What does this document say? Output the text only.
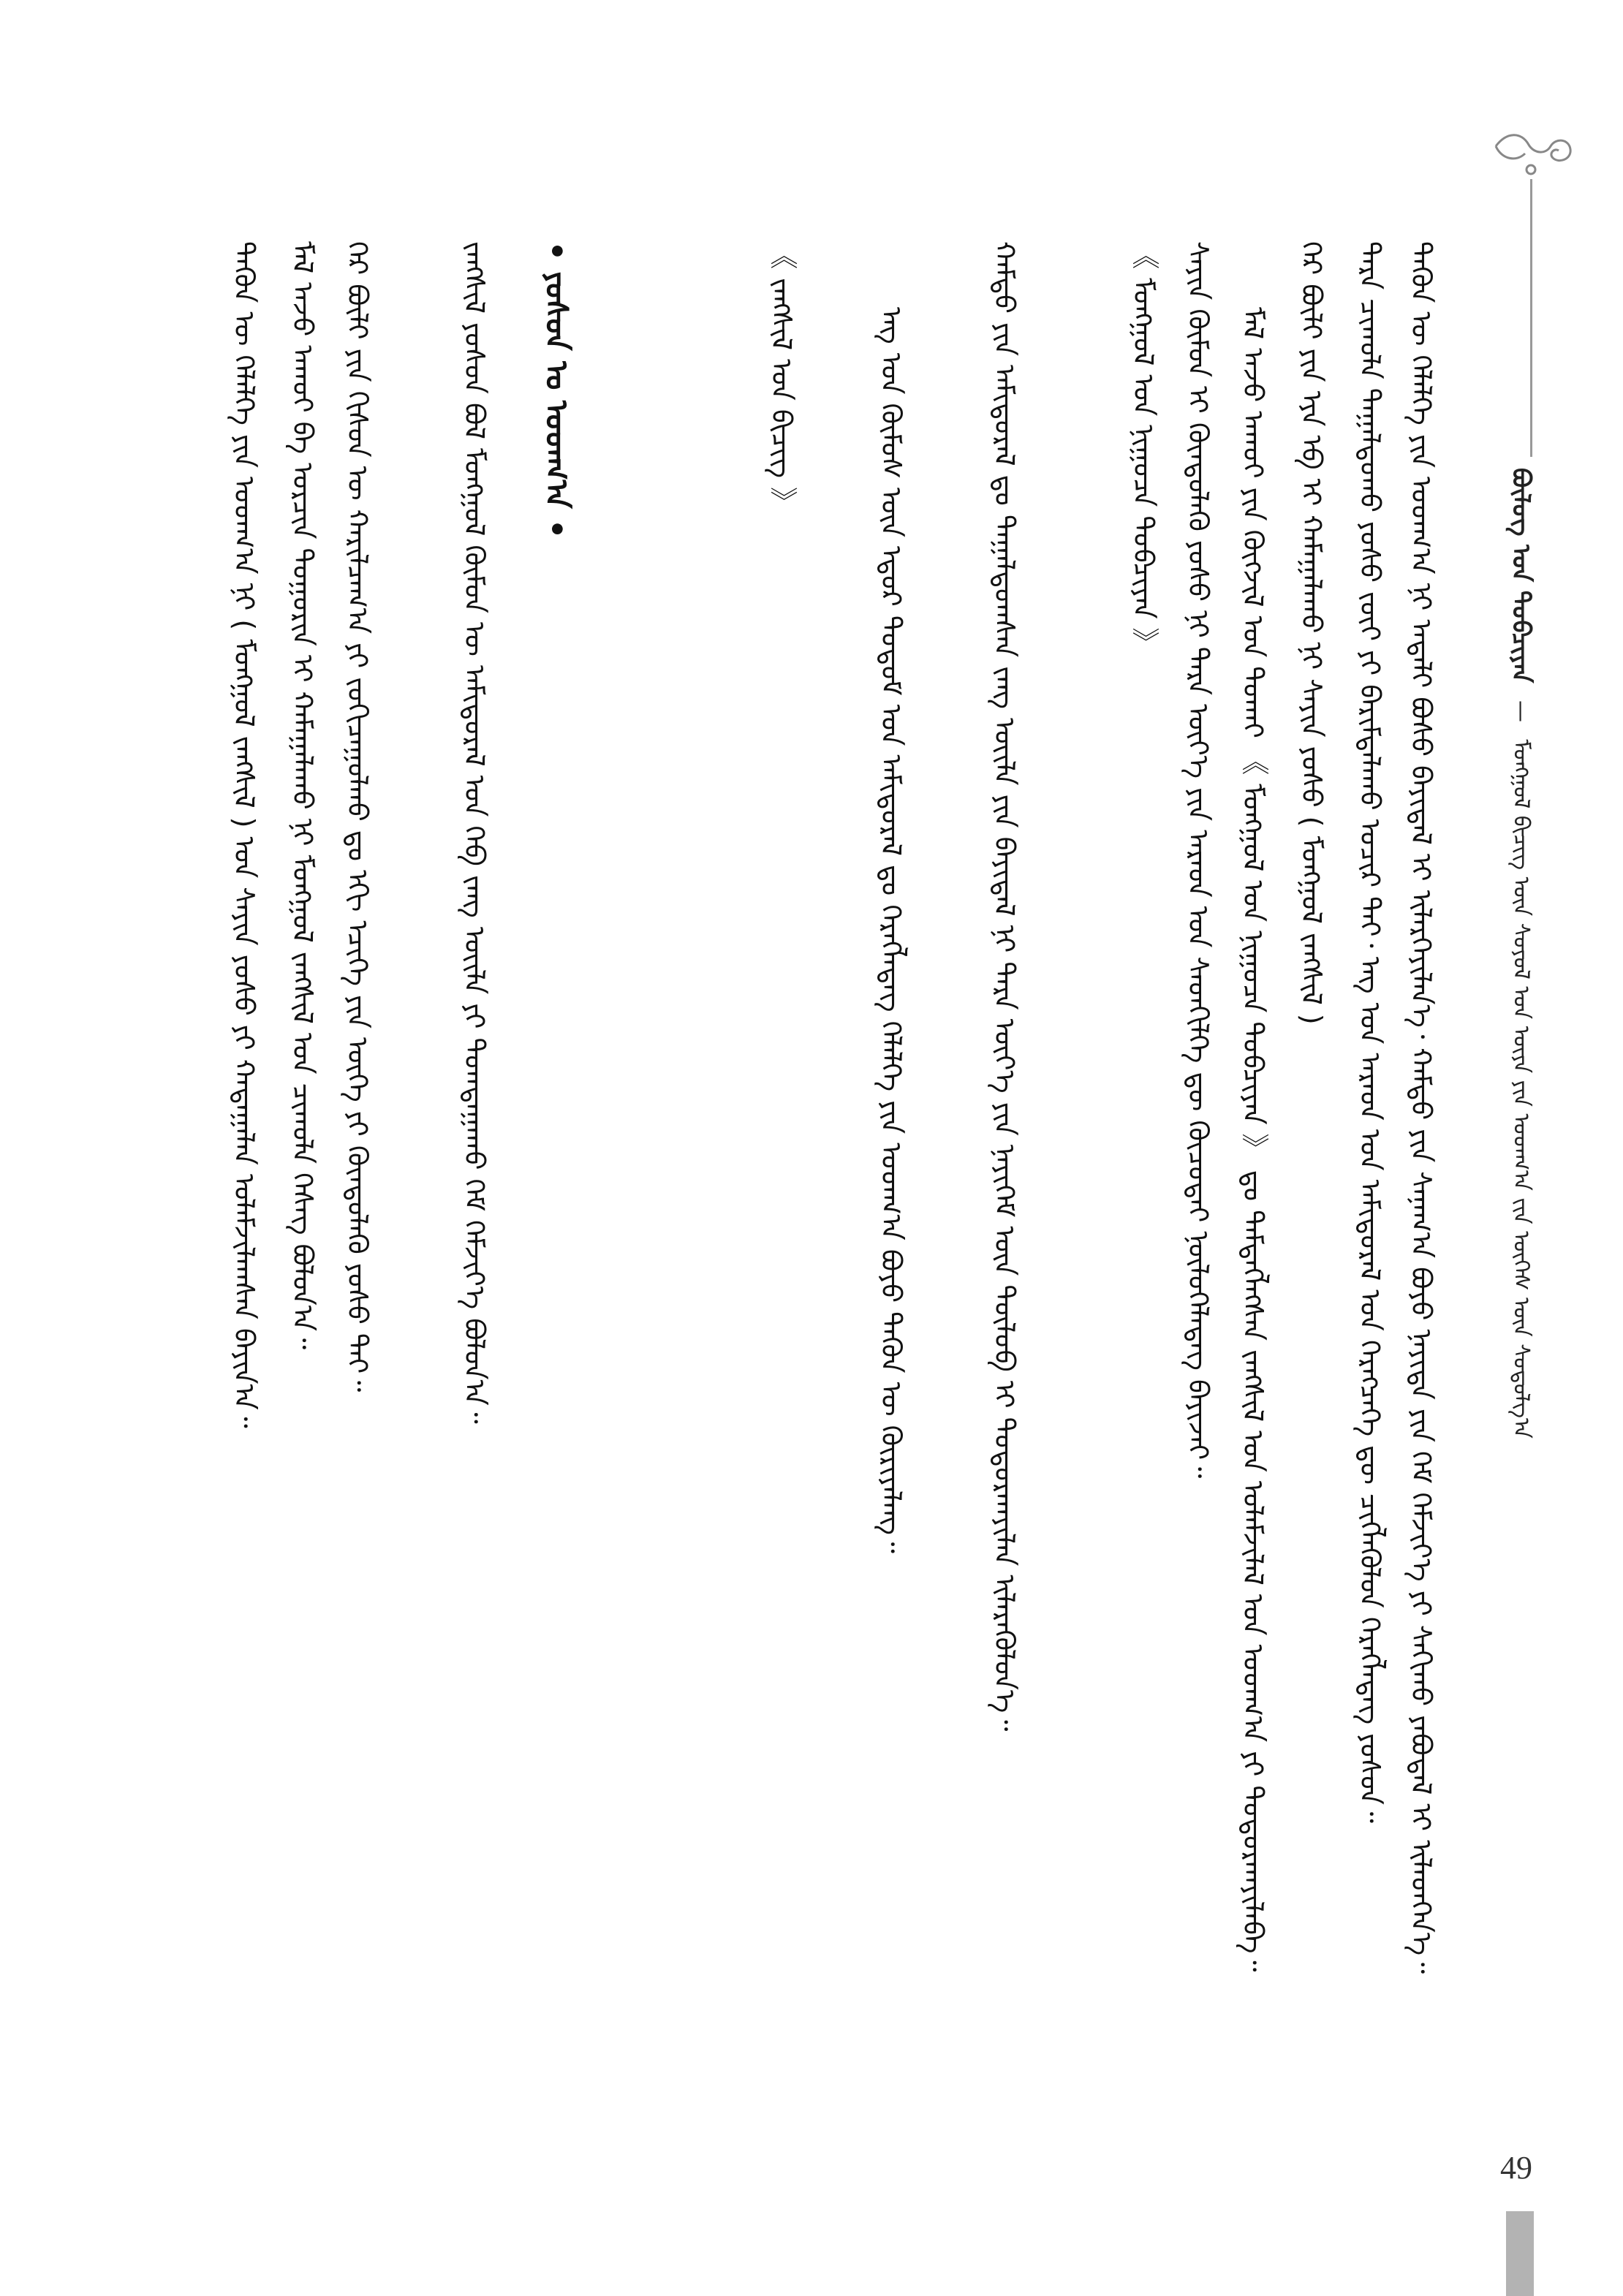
ᠪᠦᠯᠦᠭ ᠤᠨ ᠲᠣᠪᠴᠢᠶᠠᠨ — ᠮᠣᠩᠭᠣᠯ ᠪᠢᠴᠢᠭ ᠦᠨ ᠰᠣᠶᠣᠯ ᠤᠨ ᠦᠶᠡ ᠶᠢᠨ ᠤᠳᠬ᠎ᠠ ᠵᠢᠨ ᠦᠭᠡᠰ ᠦᠨ ᠰᠤᠳᠤᠯᠭ᠎ᠠ
ᠲᠡᠭᠦᠨ ᠦ ᠬᠡᠯᠡᠯᠭᠡ ᠶᠢᠨ ᠤᠳᠬ᠎ᠠ ᠨᠢ ᠠᠳᠠᠯᠢ ᠪᠤᠰᠤ ᠪᠠᠶᠢᠳᠠᠯ ᠢ ᠢᠯᠡᠷᠬᠡᠶᠢᠯᠡᠨ᠎ᠡ᠂ ᠬᠠᠮᠲᠤ ᠶᠢᠨ ᠰᠠᠨᠠᠭ᠎ᠠ ᠪᠤᠶᠤ ᠨᠡᠶᠢᠲᠡ ᠶᠢᠨ ᠬᠡᠮ ᠬᠡᠮᠵᠢᠶ᠎ᠡ ᠶᠢ ᠰᠠᠬᠢᠬᠤ ᠶᠠᠪᠤᠳᠠᠯ ᠢ ᠢᠯᠡᠳᠬᠡᠨ᠎ᠡ᠃
ᠲᠡᠷᠡ ᠴᠢᠬᠤᠯᠠ ᠳᠠᠭᠠᠯᠳᠤᠬᠤ ᠶᠣᠰᠤ ᠵᠦᠢ ᠶᠢ ᠪᠠᠷᠢᠮᠲᠠᠯᠠᠬᠤ ᠤᠴᠢᠷ ᠲᠠᠢ᠂ ᠡᠩ ᠤᠨ ᠠᠷᠠᠳ ᠤᠨ ᠠᠮᠢᠳᠤᠷᠠᠯ ᠤᠨ ᠬᠡᠷᠡᠭᠴᠡᠭᠡ ᠳᠦ ᠴᠢᠭᠯᠡᠭᠦᠯᠦᠨ ᠬᠡᠷᠡᠭᠯᠡᠳᠡᠭ ᠶᠣᠰᠣᠨ᠃
ᠭᠡᠷ ᠪᠦᠯᠢ ᠶᠢᠨ ᠡᠶᠡ ᠡᠪ ᠢ ᠬᠠᠮᠠᠭᠠᠯᠠᠬᠤ ᠨᠢ ᠰᠠᠶᠢᠨ ᠶᠣᠰᠣ ( ᠮᠣᠩᠭᠣᠯ ᠵᠠᠩᠰᠢᠯ )
ᠮᠠᠯ ᠠᠵᠤ ᠠᠬᠤᠢ ᠶᠢᠨ ᠬᠥᠭᠵᠢᠯ ᠤᠨ ᠲᠤᠬᠠᠢ 《 ᠮᠣᠩᠭᠣᠯ ᠤᠨ ᠨᠢᠭᠤᠴᠠ ᠲᠣᠪᠴᠢᠶᠠᠨ 》 ᠳᠤ ᠲᠡᠮᠳᠡᠭᠯᠡᠭᠰᠡᠨ ᠵᠠᠩᠰᠢᠯ ᠤᠨ ᠤᠯᠠᠮᠵᠢᠯᠠᠯ ᠤᠨ ᠤᠳᠬ᠎ᠠ ᠶᠢ ᠲᠣᠳᠤᠷᠬᠠᠶᠢᠯᠠᠪᠠ᠃
ᠰᠠᠶᠢᠨ ᠬᠦᠮᠦᠨ ᠢ ᠬᠦᠨᠳᠦᠯᠡᠬᠦ ᠶᠣᠰᠣ ᠨᠢ ᠲᠡᠷᠡ ᠦᠶ᠎ᠡ ᠶᠢᠨ ᠠᠷᠠᠳ ᠤᠨ ᠰᠡᠳᠬᠢᠯᠭᠡ ᠳᠦ ᠬᠦᠴᠦᠲᠡᠢ ᠨᠥᠯᠦᠭᠡᠯᠡᠳᠡᠭ ᠪᠠᠶᠢᠵᠠᠢ᠃
《 ᠮᠣᠩᠭᠣᠯ ᠤᠨ ᠨᠢᠭᠤᠴᠠ ᠲᠣᠪᠴᠢᠶᠠᠨ 》
ᠬᠠᠮᠲᠤ ᠶᠢᠨ ᠠᠮᠢᠳᠤᠷᠠᠯ ᠳᠤ ᠳᠠᠭᠠᠯᠳᠤᠭᠰᠠᠨ ᠵᠠᠩ ᠦᠢᠯᠡ ᠶᠢᠨ ᠪᠠᠶᠢᠳᠠᠯ ᠨᠢ ᠲᠡᠷᠡ ᠦᠶ᠎ᠡ ᠶᠢᠨ ᠨᠡᠶᠢᠭᠡᠮ ᠦᠨ ᠲᠥᠯᠥᠪ ᠢ ᠲᠣᠳᠤᠷᠬᠠᠶᠢᠯᠠᠨ ᠢᠯᠡᠷᠡᠭᠦᠯᠦᠨ᠎ᠡ᠃
ᠡᠩ ᠤᠨ ᠬᠦᠮᠦᠰ ᠦᠨ ᠡᠳᠦᠷ ᠲᠤᠲᠤᠮ ᠤᠨ ᠠᠮᠢᠳᠤᠷᠠᠯ ᠳᠤ ᠬᠡᠷᠡᠭᠯᠡᠳᠡᠭ ᠬᠡᠯᠡᠯᠭᠡ ᠶᠢᠨ ᠤᠳᠬ᠎ᠠ ᠪᠤᠶᠤ ᠲᠡᠭᠦᠨ ᠦ ᠬᠦᠷᠢᠶᠡᠯᠡᠩ᠃
《 ᠵᠠᠩᠰᠢᠯ ᠤᠨ ᠪᠢᠴᠢᠭ 》
• ᠶᠣᠰᠣᠨ ᠤ ᠤᠳᠬ᠎ᠠ •
ᠵᠠᠩᠰᠢᠯ ᠶᠣᠰᠣᠨ ᠪᠣᠯ ᠮᠣᠩᠭᠣᠯ ᠬᠦᠮᠦᠨ ᠦ ᠠᠮᠢᠳᠤᠷᠠᠯ ᠤᠨ ᠬᠡᠪ ᠵᠠᠩ ᠦᠢᠯᠡ ᠶᠢ ᠲᠣᠭᠲᠠᠭᠠᠬᠤ ᠬᠡᠮ ᠬᠡᠮᠵᠢᠶ᠎ᠡ ᠪᠣᠯᠤᠨ᠎ᠠ᠃
ᠭᠡᠷ ᠪᠦᠯᠢ ᠶᠢᠨ ᠭᠢᠰᠦᠨ ᠦ ᠬᠠᠷᠢᠯᠴᠠᠭ᠎ᠠ ᠶᠢ ᠵᠣᠬᠢᠴᠠᠭᠤᠯᠬᠤ ᠳᠤ ᠡᠬᠢ ᠡᠴᠢᠭᠡ ᠶᠢᠨ ᠦᠭᠡ ᠶᠢ ᠬᠦᠨᠳᠦᠯᠡᠬᠦ ᠶᠣᠰᠣ ᠲᠠᠢ᠃
ᠮᠠᠯ ᠠᠵᠤ ᠠᠬᠤᠢ ᠪᠠ ᠣᠷᠴᠢᠨ ᠲᠣᠭᠣᠷᠢᠨ ᠢ ᠬᠠᠮᠠᠭᠠᠯᠠᠬᠤ ᠨᠢ ᠮᠣᠩᠭᠣᠯ ᠵᠠᠩᠰᠢᠯ ᠤᠨ ᠴᠢᠬᠤᠯᠠ ᠬᠡᠰᠡᠭ ᠪᠣᠯᠤᠨ᠎ᠠ᠃
ᠲᠡᠭᠦᠨ ᠦ ᠬᠡᠯᠡᠯᠭᠡ ᠶᠢᠨ ᠤᠳᠬ᠎ᠠ ᠨᠢ ( ᠮᠣᠩᠭᠣᠯ ᠵᠠᠩᠰᠢᠯ ) ᠤᠨ ᠰᠠᠶᠢᠨ ᠶᠣᠰᠣ ᠶᠢ ᠬᠠᠳᠠᠭᠠᠯᠠᠨ ᠤᠯᠠᠮᠵᠢᠯᠠᠭᠰᠠᠨ ᠪᠠᠶᠢᠨ᠎ᠠ᠃
49
